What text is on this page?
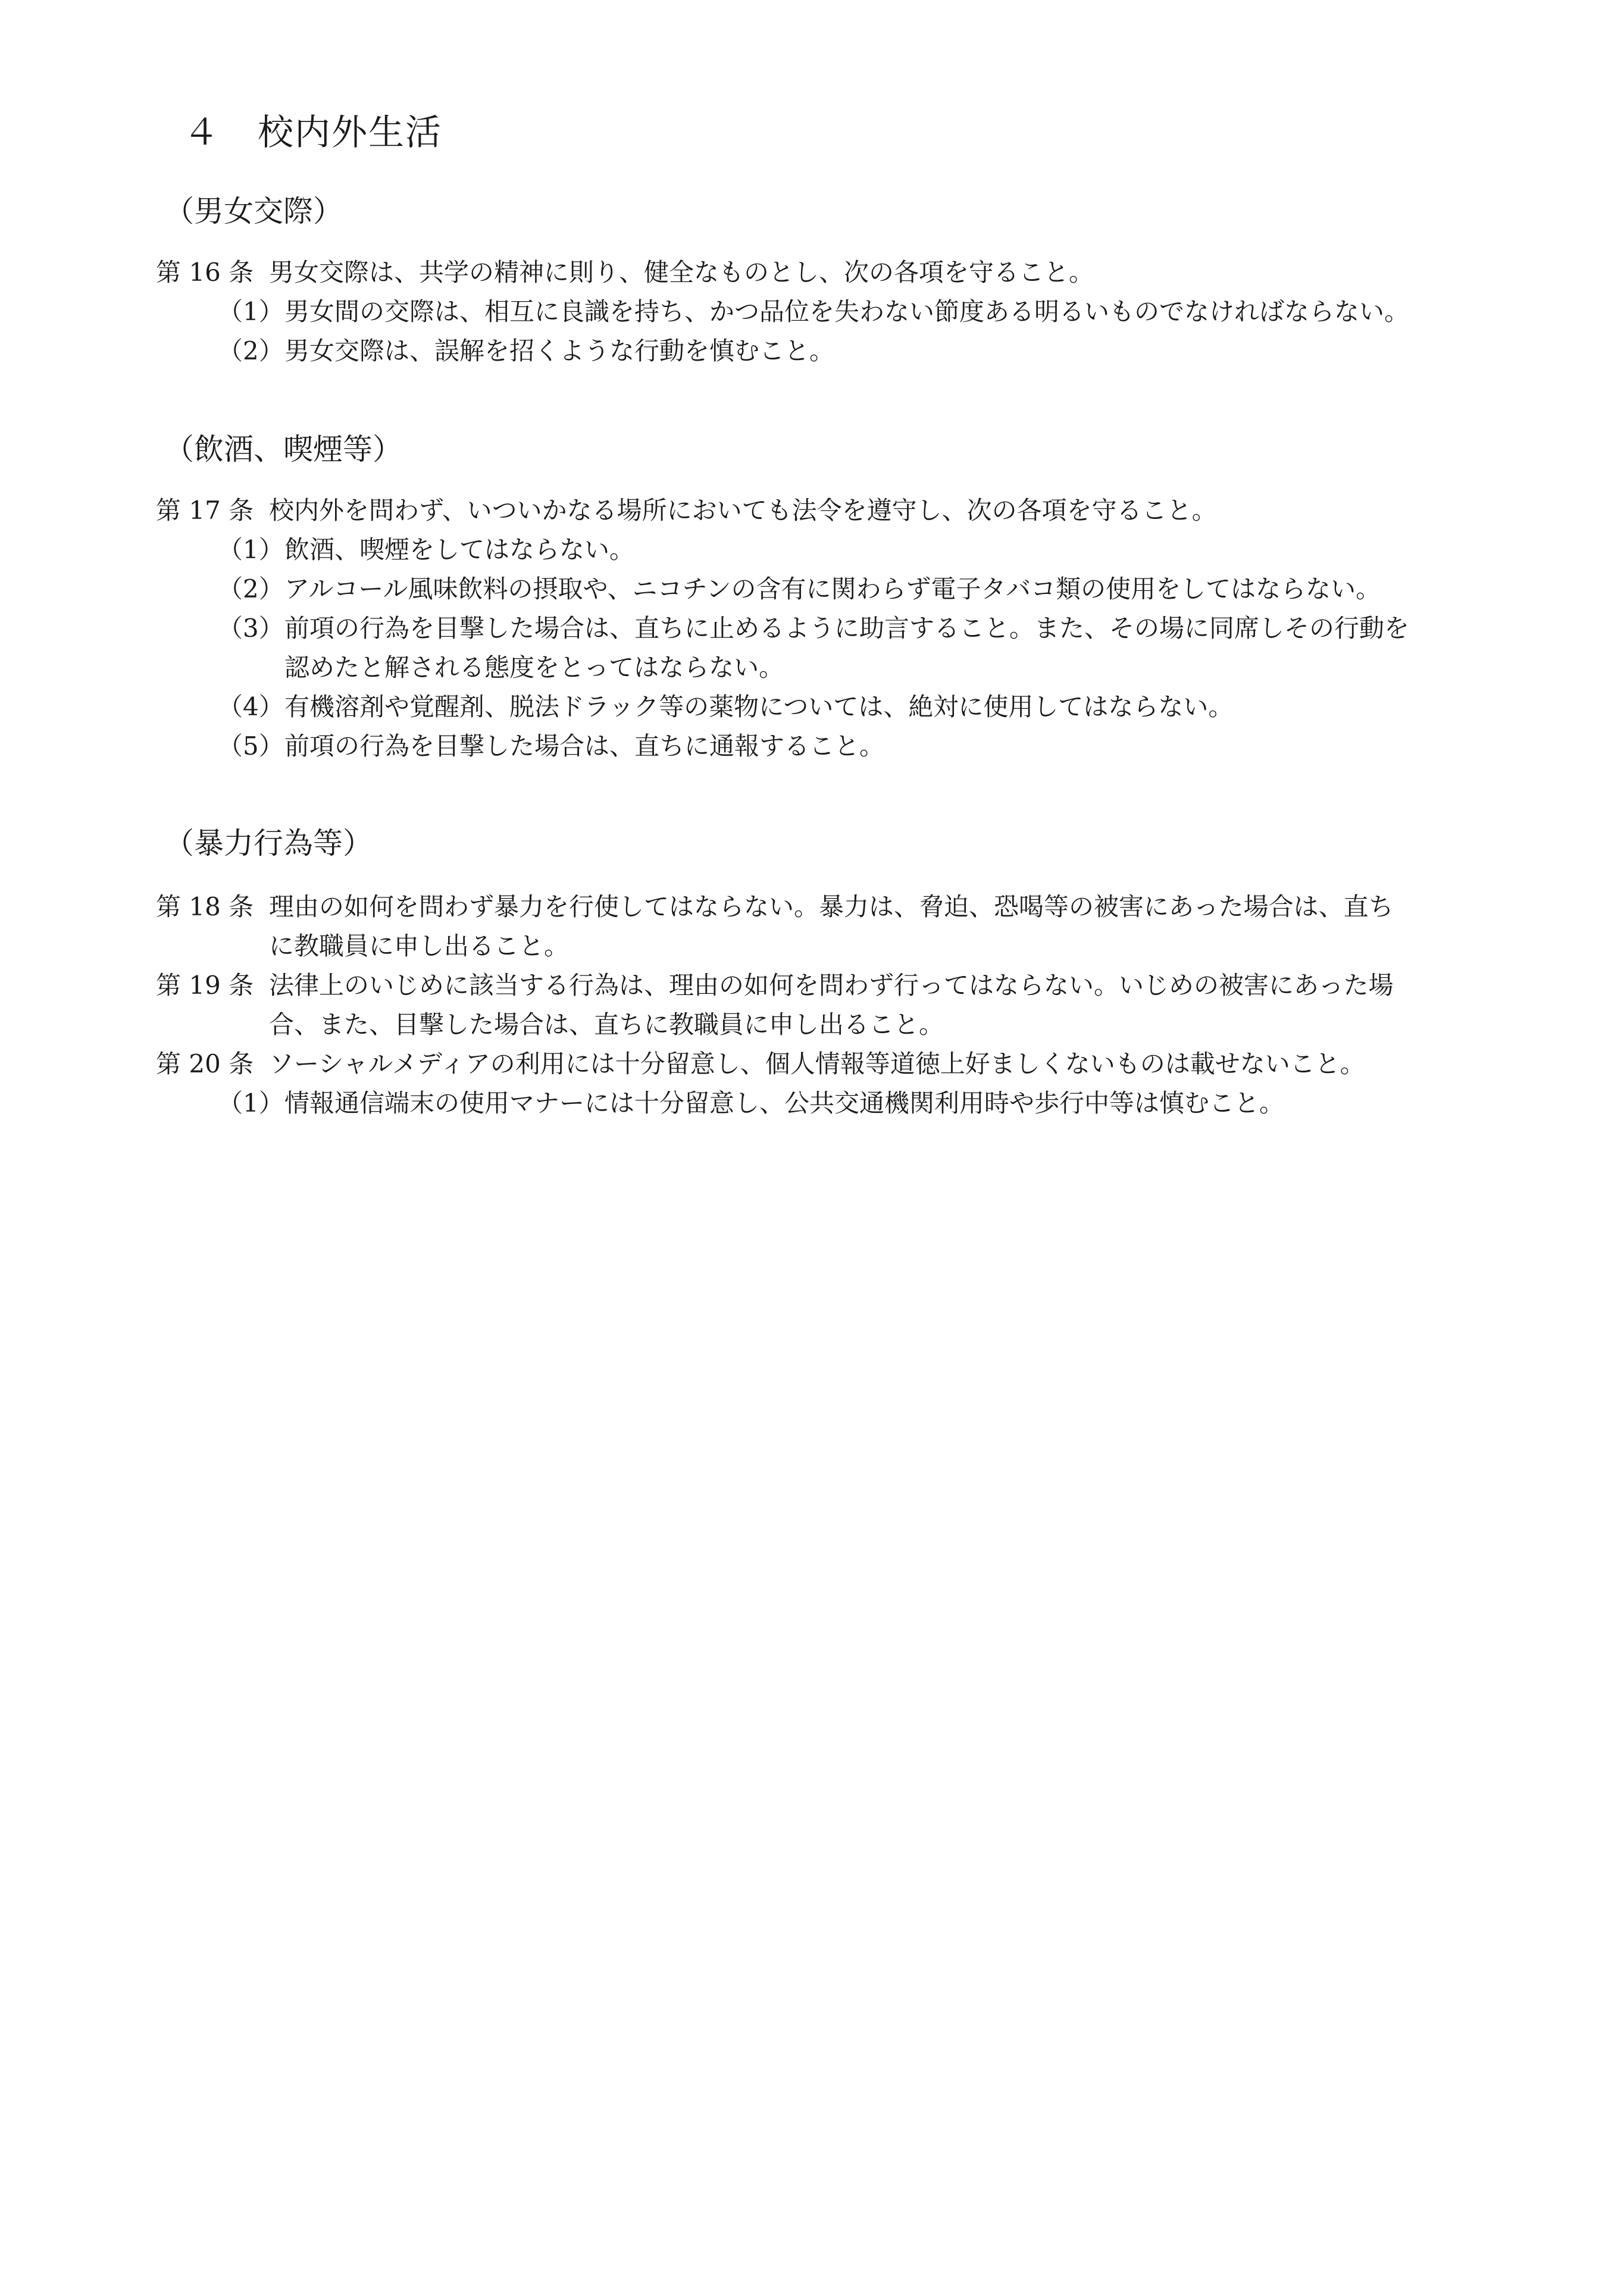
４ 校内外生活
（男女交際）
第 16 条 男女交際は、共学の精神に則り、健全なものとし、次の各項を守ること。
（1）男女間の交際は、相互に良識を持ち、かつ品位を失わない節度ある明るいものでなければならない。
（2）男女交際は、誤解を招くような行動を慎むこと。
（飲酒、喫煙等）
第 17 条 校内外を問わず、いついかなる場所においても法令を遵守し、次の各項を守ること。
（1）飲酒、喫煙をしてはならない。
（2）アルコール風味飲料の摂取や、ニコチンの含有に関わらず電子タバコ類の使用をしてはならない。
（3）前項の行為を目撃した場合は、直ちに止めるように助言すること。また、その場に同席しその行動を
認めたと解される態度をとってはならない。
（4）有機溶剤や覚醒剤、脱法ドラック等の薬物については、絶対に使用してはならない。
（5）前項の行為を目撃した場合は、直ちに通報すること。
（暴力行為等）
第 18 条 理由の如何を問わず暴力を行使してはならない。暴力は、脅迫、恐喝等の被害にあった場合は、直ち
に教職員に申し出ること。
第 19 条 法律上のいじめに該当する行為は、理由の如何を問わず行ってはならない。いじめの被害にあった場
合、また、目撃した場合は、直ちに教職員に申し出ること。
第 20 条 ソーシャルメディアの利用には十分留意し、個人情報等道徳上好ましくないものは載せないこと。
（1）情報通信端末の使用マナーには十分留意し、公共交通機関利用時や歩行中等は慎むこと。
